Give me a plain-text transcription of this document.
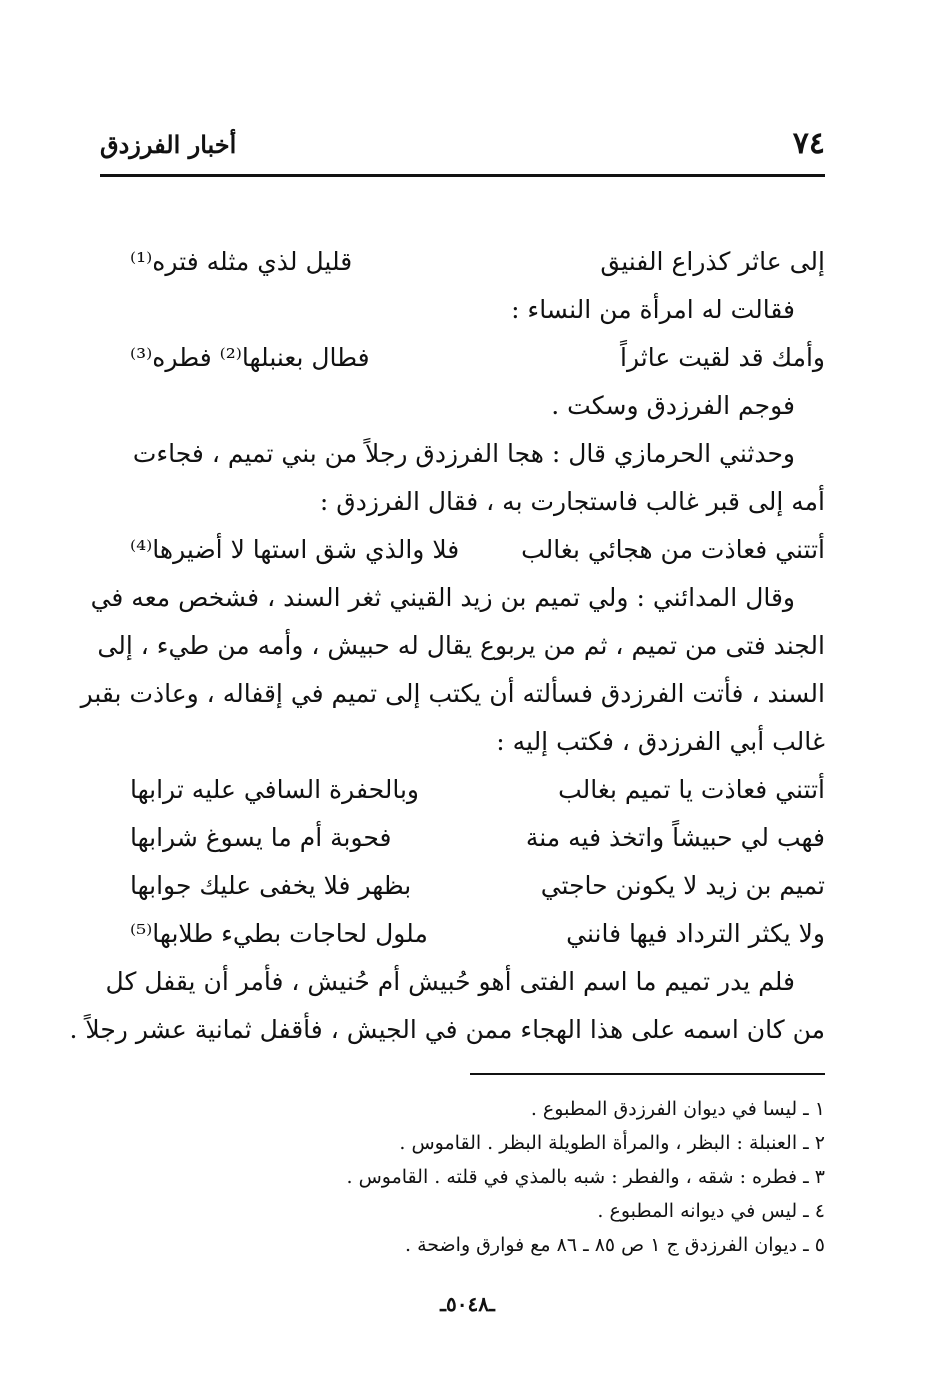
٧٤
أخبار الفرزدق
إلى عاثر كذراع الفنيق
قليل لذي مثله فتره⁽¹⁾
فقالت له امرأة من النساء :
وأمك قد لقيت عاثراً
فطال بعنبلها⁽²⁾ فطره⁽³⁾
فوجم الفرزدق وسكت .
وحدثني الحرمازي قال : هجا الفرزدق رجلاً من بني تميم ، فجاءت
أمه إلى قبر غالب فاستجارت به ، فقال الفرزدق :
أتتني فعاذت من هجائي بغالب
فلا والذي شق استها لا أضيرها⁽⁴⁾
وقال المدائني : ولي تميم بن زيد القيني ثغر السند ، فشخص معه في
الجند فتى من تميم ، ثم من يربوع يقال له حبيش ، وأمه من طيء ، إلى
السند ، فأتت الفرزدق فسألته أن يكتب إلى تميم في إقفاله ، وعاذت بقبر
غالب أبي الفرزدق ، فكتب إليه :
أتتني فعاذت يا تميم بغالب
وبالحفرة السافي عليه ترابها
فهب لي حبيشاً واتخذ فيه منة
فحوبة أم ما يسوغ شرابها
تميم بن زيد لا يكونن حاجتي
بظهر فلا يخفى عليك جوابها
ولا يكثر الترداد فيها فانني
ملول لحاجات بطيء طلابها⁽⁵⁾
فلم يدر تميم ما اسم الفتى أهو حُبيش أم حُنيش ، فأمر أن يقفل كل
من كان اسمه على هذا الهجاء ممن في الجيش ، فأقفل ثمانية عشر رجلاً .
١ ـ ليسا في ديوان الفرزدق المطبوع .
٢ ـ العنبلة : البظر ، والمرأة الطويلة البظر . القاموس .
٣ ـ فطره : شقه ، والفطر : شبه بالمذي في قلته . القاموس .
٤ ـ ليس في ديوانه المطبوع .
٥ ـ ديوان الفرزدق ج ١ ص ٨٥ ـ ٨٦ مع فوارق واضحة .
ـ٥٠٤٨ـ
